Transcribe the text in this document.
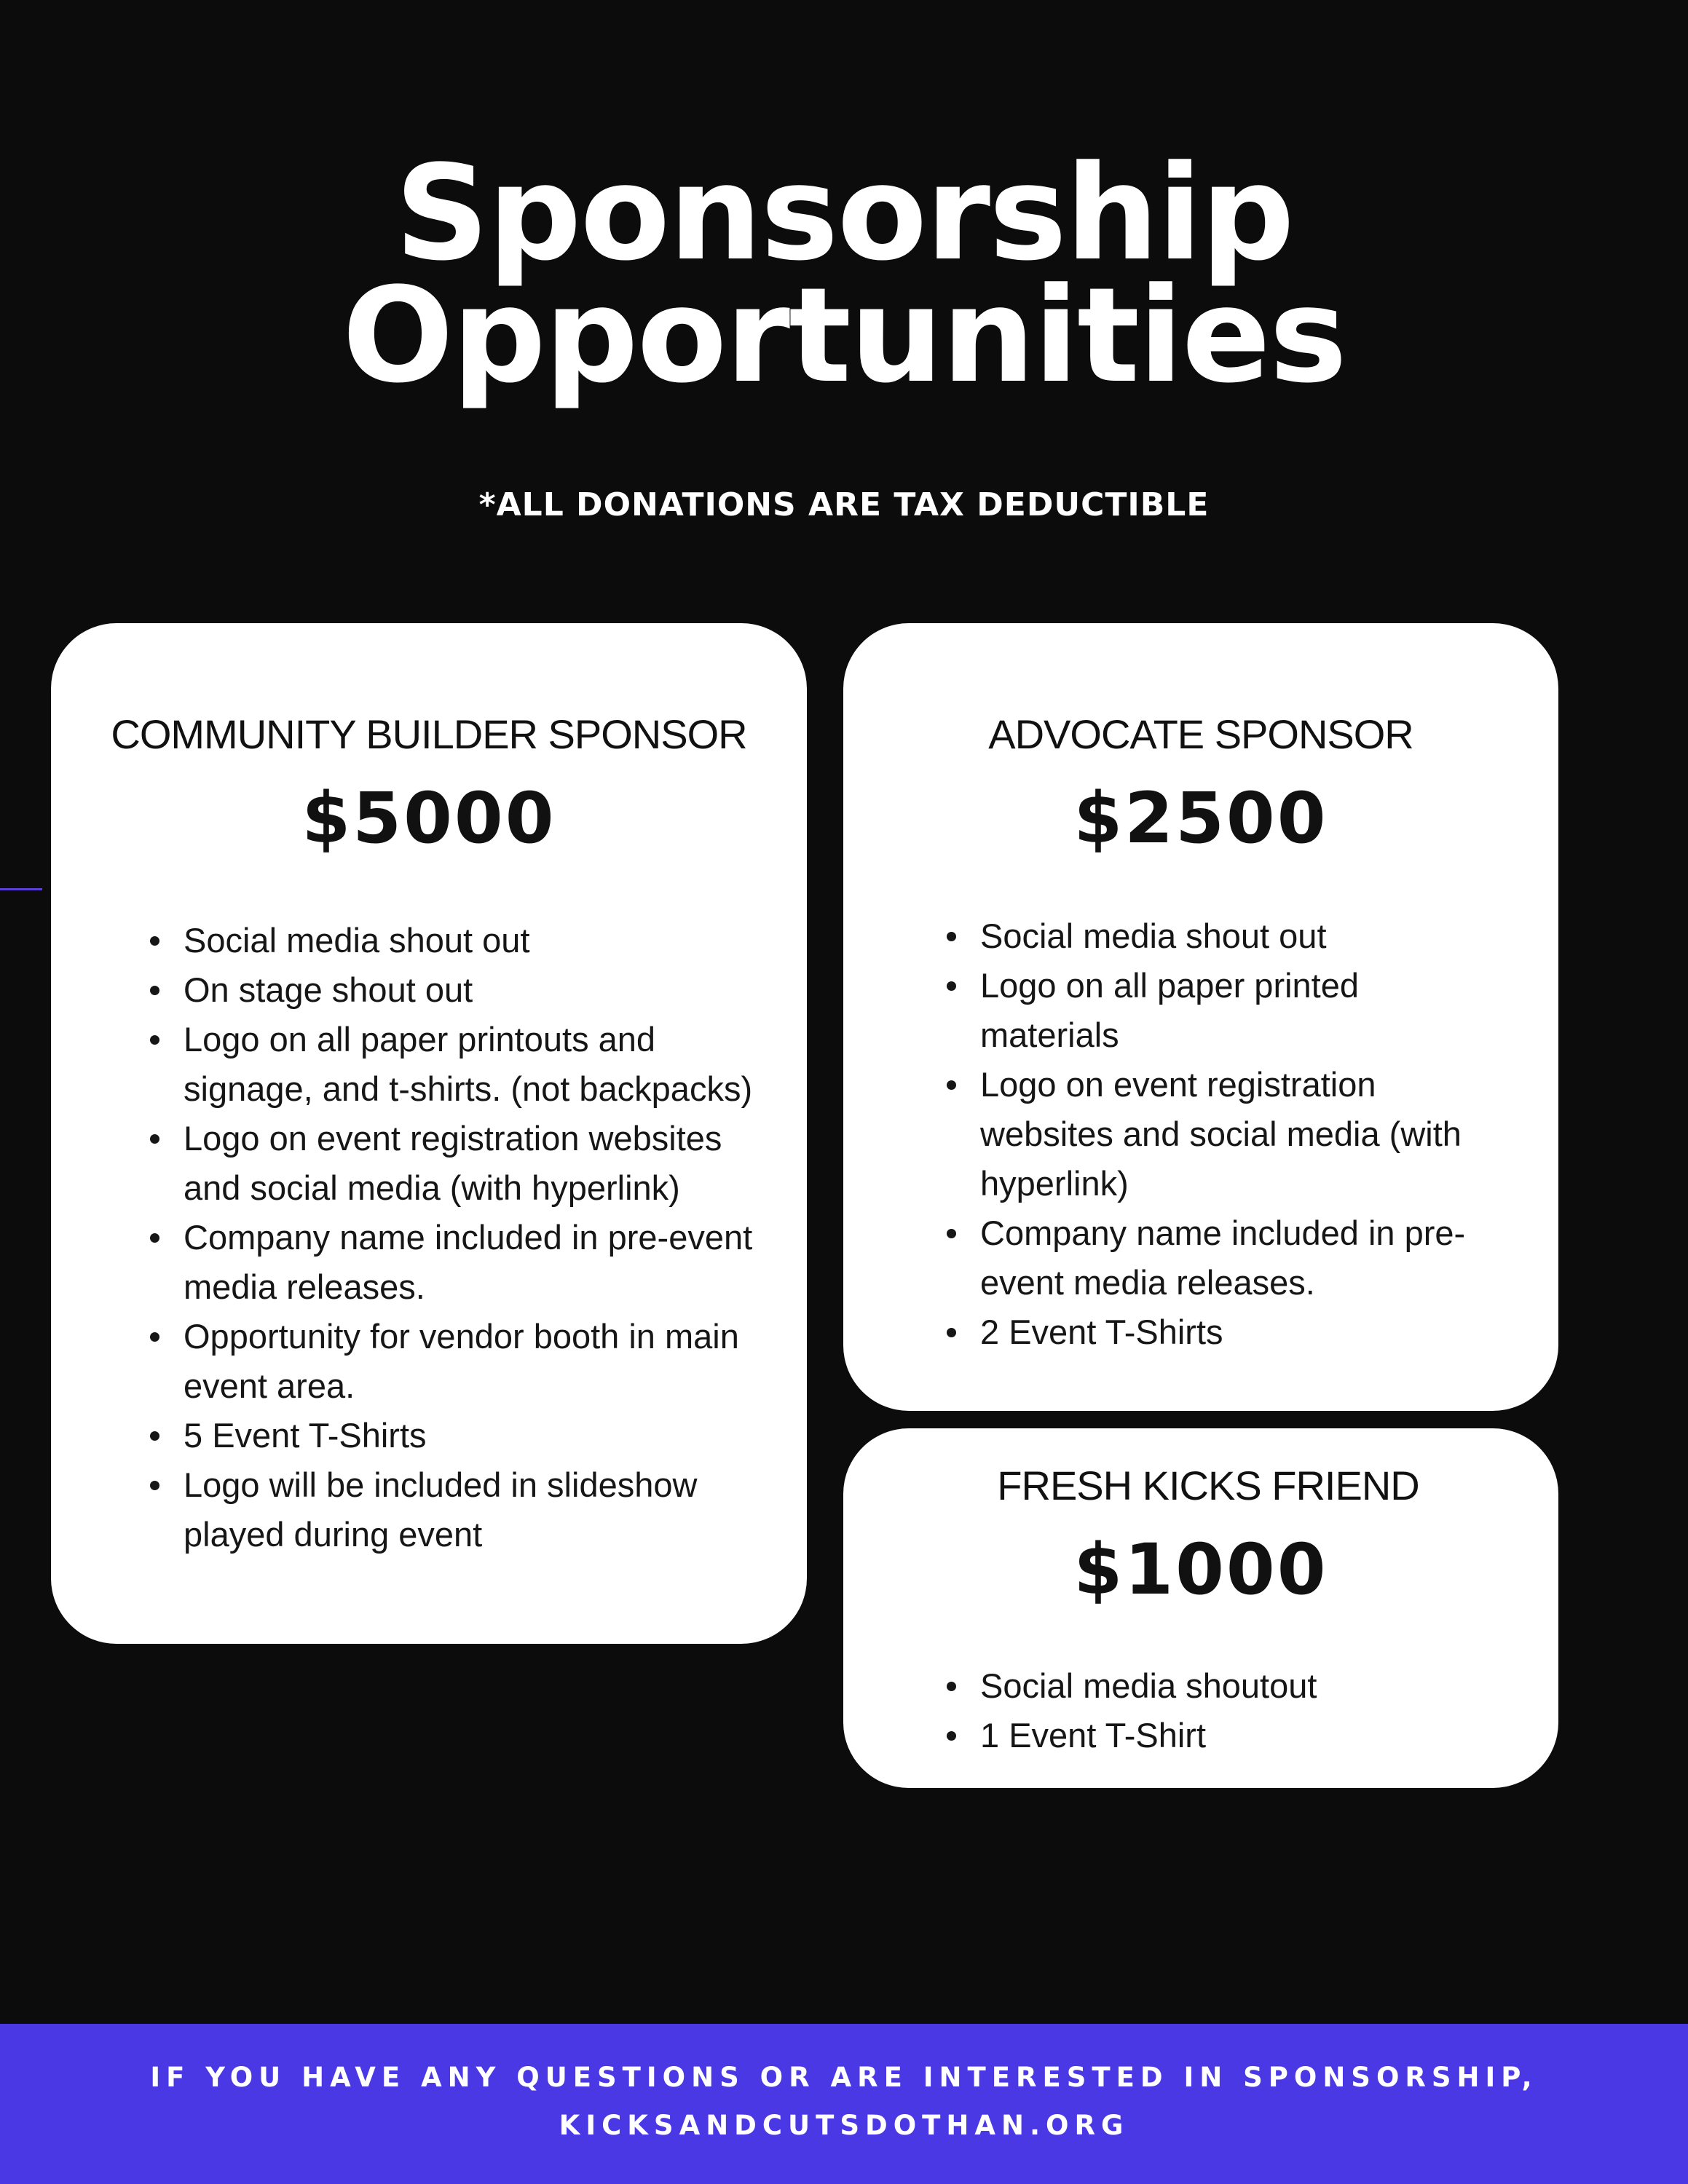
Sponsorship
Opportunities
*ALL DONATIONS ARE TAX DEDUCTIBLE
COMMUNITY BUILDER SPONSOR
$5000
Social media shout out
On stage shout out
Logo on all paper printouts and signage, and t-shirts. (not backpacks)
Logo on event registration websites and social media (with hyperlink)
Company name included in pre-event media releases.
Opportunity for vendor booth in main event area.
5 Event T-Shirts
Logo will be included in slideshow played during event
ADVOCATE SPONSOR
$2500
Social media shout out
Logo on all paper printed materials
Logo on event registration websites and social media (with hyperlink)
Company name included in pre-event media releases.
2 Event T-Shirts
FRESH KICKS FRIEND
$1000
Social media shoutout
1 Event T-Shirt
IF YOU HAVE ANY QUESTIONS OR ARE INTERESTED IN SPONSORSHIP,
KICKSANDCUTSDOTHAN.ORG
